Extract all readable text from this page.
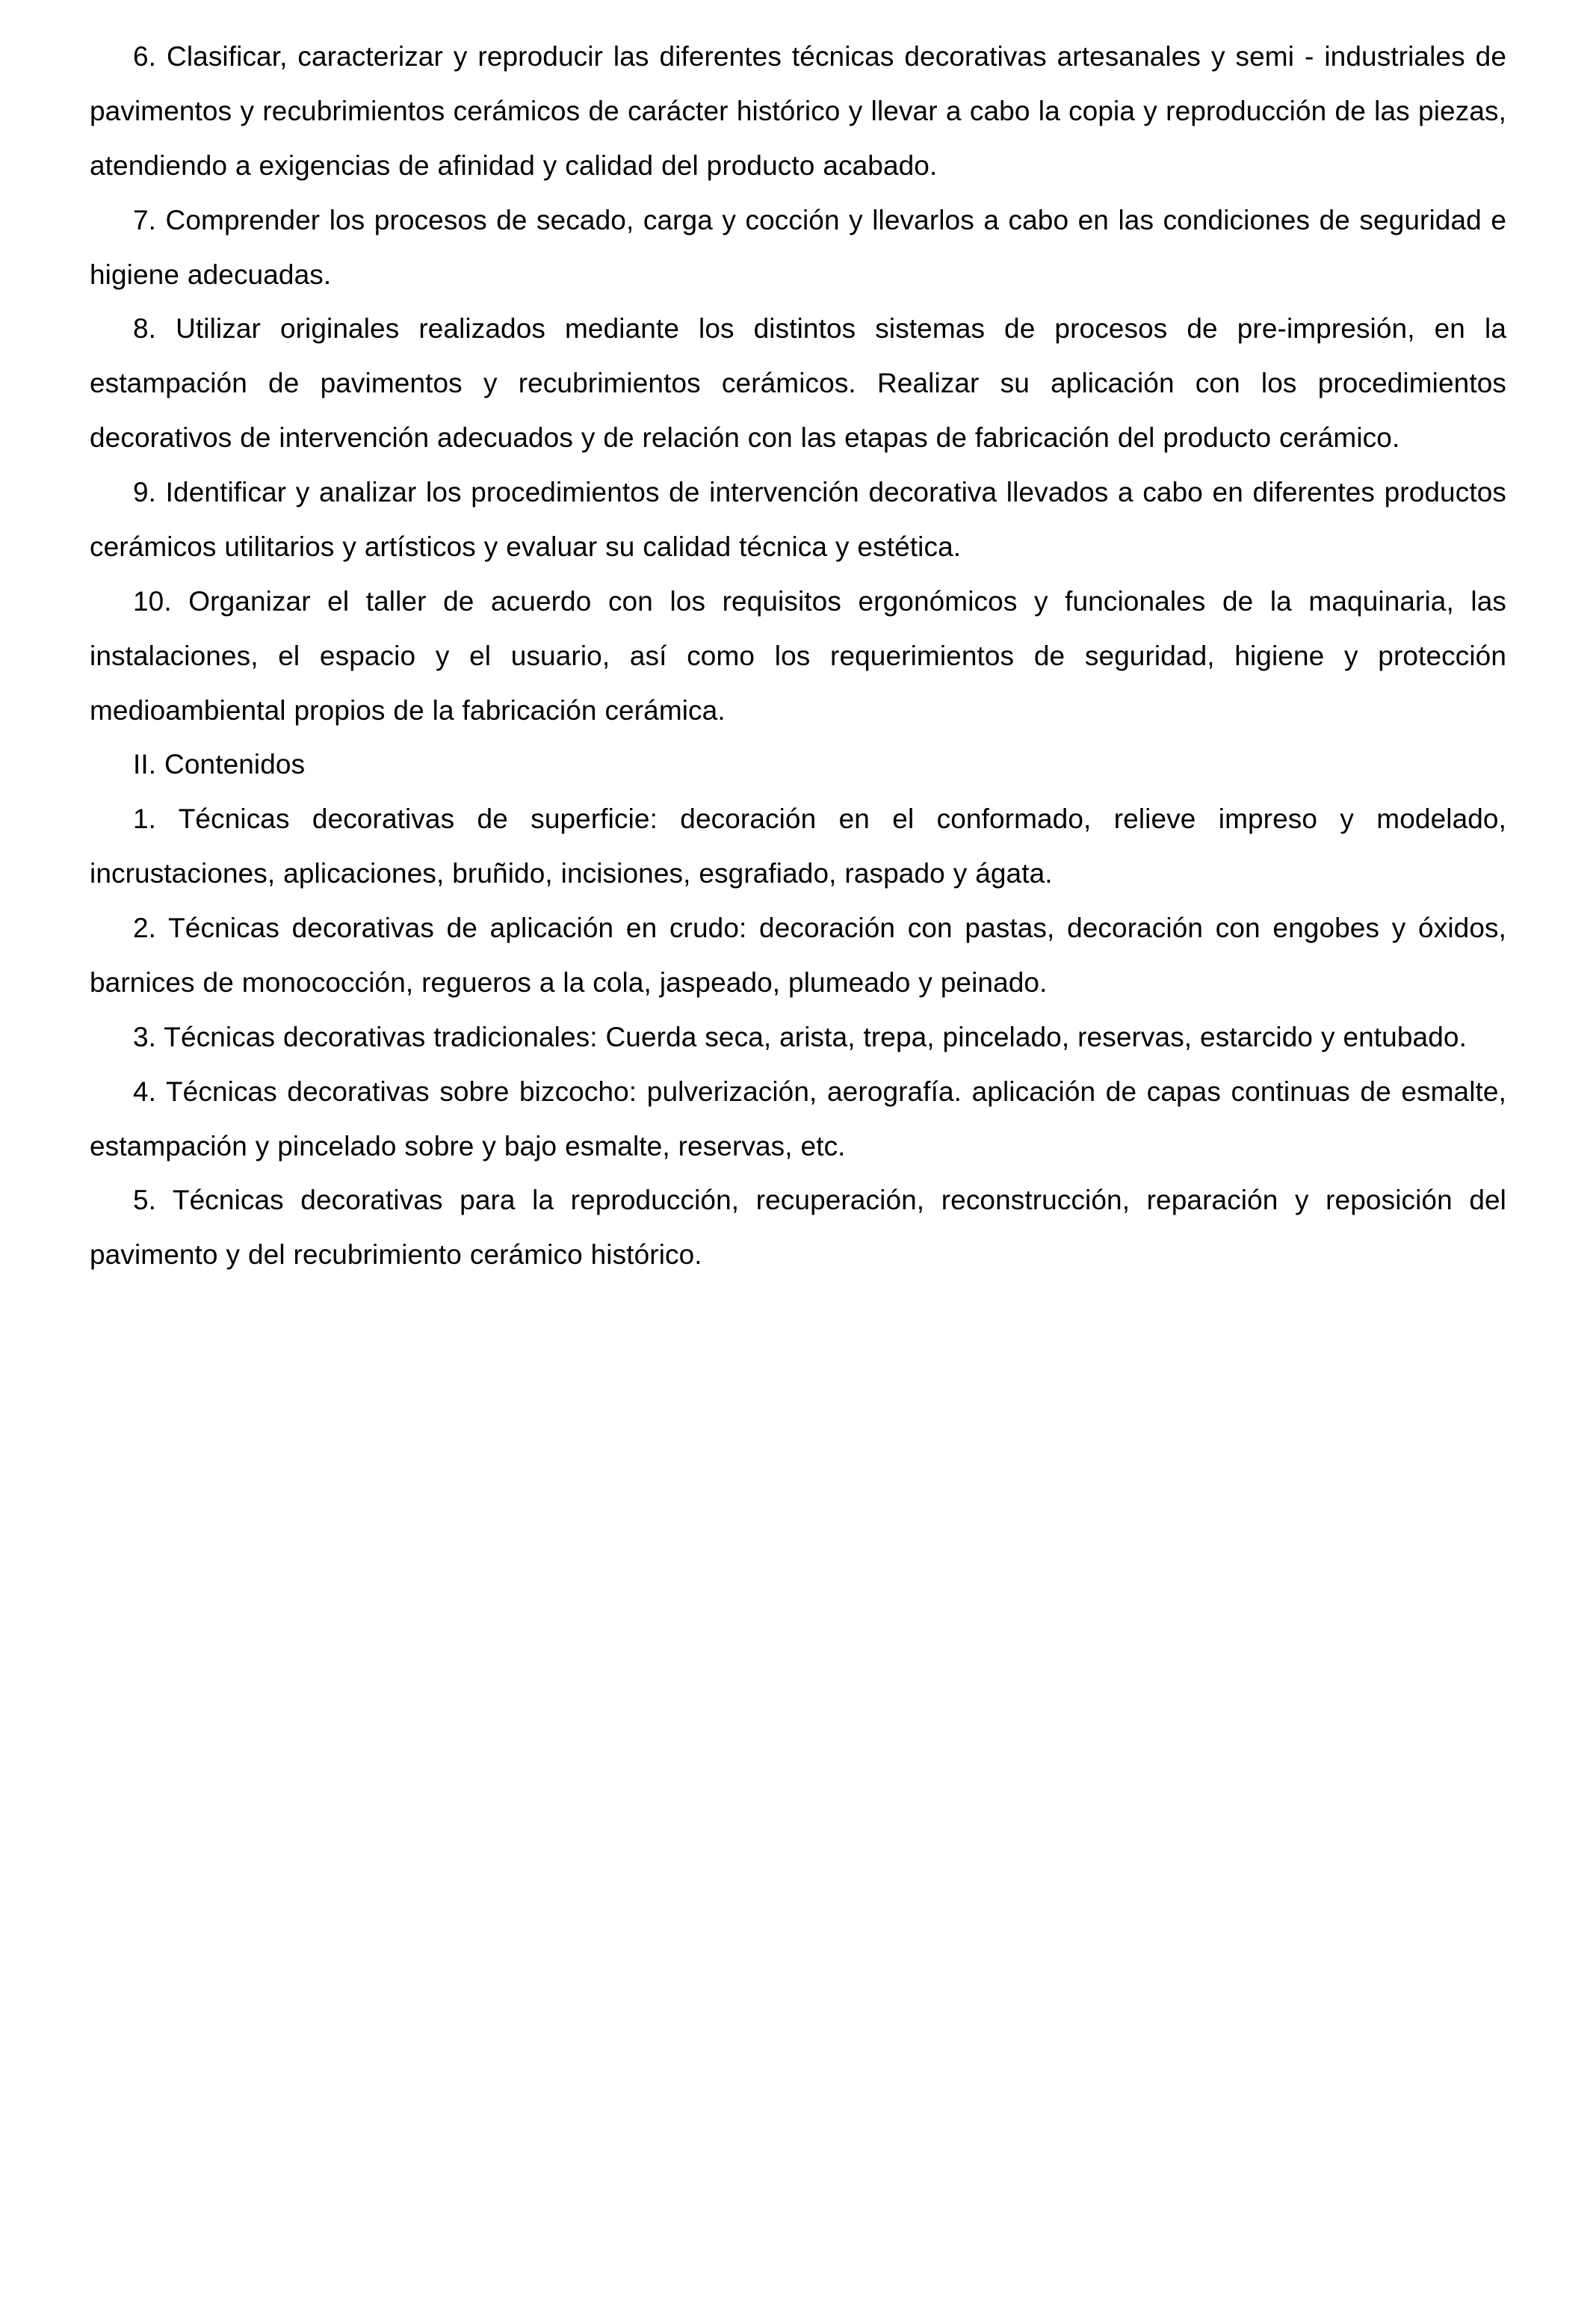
6. Clasificar, caracterizar y reproducir las diferentes técnicas decorativas artesanales y semi - industriales de pavimentos y recubrimientos cerámicos de carácter histórico y llevar a cabo la copia y reproducción de las piezas, atendiendo a exigencias de afinidad y calidad del producto acabado.

7. Comprender los procesos de secado, carga y cocción y llevarlos a cabo en las condiciones de seguridad e higiene adecuadas.

8. Utilizar originales realizados mediante los distintos sistemas de procesos de pre-impresión, en la estampación de pavimentos y recubrimientos cerámicos. Realizar su aplicación con los procedimientos decorativos de intervención adecuados y de relación con las etapas de fabricación del producto cerámico.

9. Identificar y analizar los procedimientos de intervención decorativa llevados a cabo en diferentes productos cerámicos utilitarios y artísticos y evaluar su calidad técnica y estética.

10. Organizar el taller de acuerdo con los requisitos ergonómicos y funcionales de la maquinaria, las instalaciones, el espacio y el usuario, así como los requerimientos de seguridad, higiene y protección medioambiental propios de la fabricación cerámica.

II. Contenidos

1. Técnicas decorativas de superficie: decoración en el conformado, relieve impreso y modelado, incrustaciones, aplicaciones, bruñido, incisiones, esgrafiado, raspado y ágata.

2. Técnicas decorativas de aplicación en crudo: decoración con pastas, decoración con engobes y óxidos, barnices de monococción, regueros a la cola, jaspeado, plumeado y peinado.

3. Técnicas decorativas tradicionales: Cuerda seca, arista, trepa, pincelado, reservas, estarcido y entubado.

4. Técnicas decorativas sobre bizcocho: pulverización, aerografía. aplicación de capas continuas de esmalte, estampación y pincelado sobre y bajo esmalte, reservas, etc.

5. Técnicas decorativas para la reproducción, recuperación, reconstrucción, reparación y reposición del pavimento y del recubrimiento cerámico histórico.
